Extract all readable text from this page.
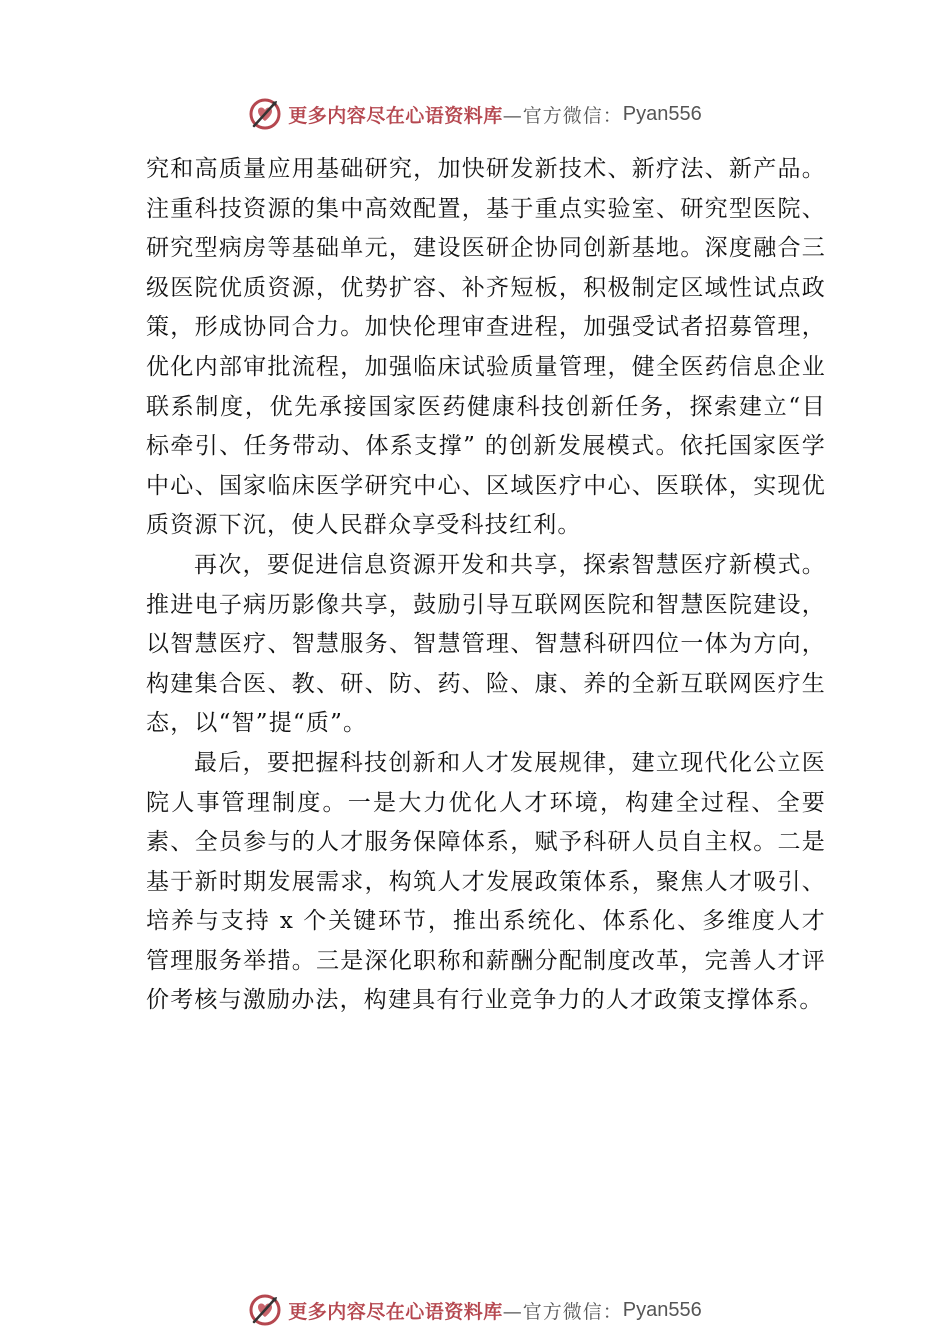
更多内容尽在心语资料库 —官方微信： Pyan556

究和高质量应用基础研究，加快研发新技术、新疗法、新产品。注重科技资源的集中高效配置，基于重点实验室、研究型医院、研究型病房等基础单元，建设医研企协同创新基地。深度融合三级医院优质资源，优势扩容、补齐短板，积极制定区域性试点政策，形成协同合力。加快伦理审查进程，加强受试者招募管理，优化内部审批流程，加强临床试验质量管理，健全医药信息企业联系制度，优先承接国家医药健康科技创新任务，探索建立“目标牵引、任务带动、体系支撑” 的创新发展模式。依托国家医学中心、国家临床医学研究中心、区域医疗中心、医联体，实现优质资源下沉，使人民群众享受科技红利。

再次，要促进信息资源开发和共享，探索智慧医疗新模式。推进电子病历影像共享，鼓励引导互联网医院和智慧医院建设，以智慧医疗、智慧服务、智慧管理、智慧科研四位一体为方向，构建集合医、教、研、防、药、险、康、养的全新互联网医疗生态，以“智”提“质”。

最后，要把握科技创新和人才发展规律，建立现代化公立医院人事管理制度。一是大力优化人才环境，构建全过程、全要素、全员参与的人才服务保障体系，赋予科研人员自主权。二是基于新时期发展需求，构筑人才发展政策体系，聚焦人才吸引、培养与支持 x 个关键环节，推出系统化、体系化、多维度人才管理服务举措。三是深化职称和薪酬分配制度改革，完善人才评价考核与激励办法，构建具有行业竞争力的人才政策支撑体系。

更多内容尽在心语资料库 —官方微信： Pyan556
